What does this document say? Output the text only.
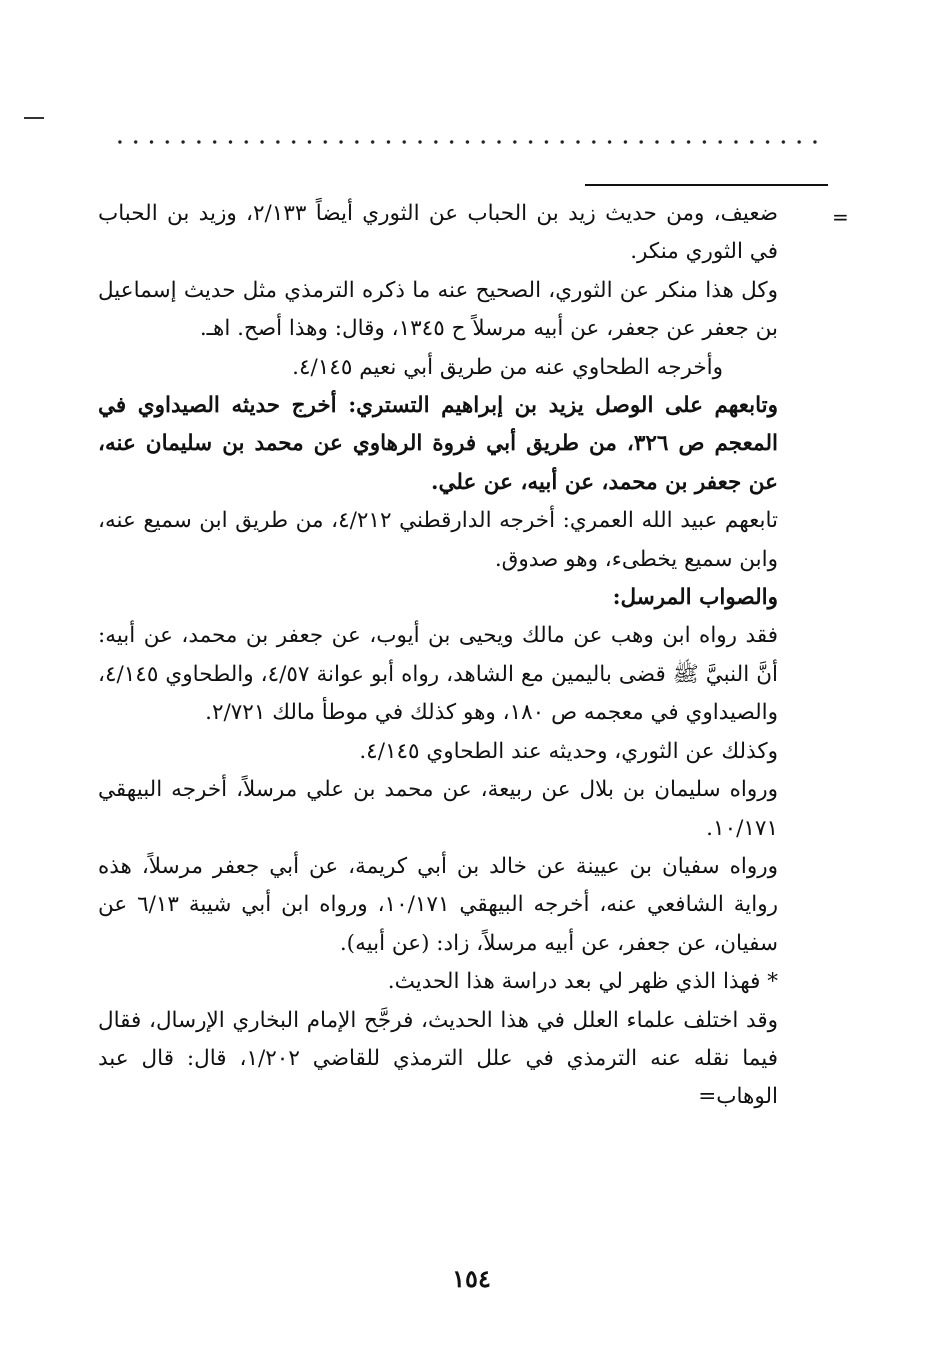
=

ضعيف، ومن حديث زيد بن الحباب عن الثوري أيضاً ٢/١٣٣، وزيد بن الحباب في الثوري منكر.

وكل هذا منكر عن الثوري، الصحيح عنه ما ذكره الترمذي مثل حديث إسماعيل بن جعفر عن جعفر، عن أبيه مرسلاً ح ١٣٤٥، وقال: وهذا أصح. اهـ.

وأخرجه الطحاوي عنه من طريق أبي نعيم ٤/١٤٥.

وتابعهم على الوصل يزيد بن إبراهيم التستري: أخرج حديثه الصيداوي في المعجم ص ٣٢٦، من طريق أبي فروة الرهاوي عن محمد بن سليمان عنه، عن جعفر بن محمد، عن أبيه، عن علي.

تابعهم عبيد الله العمري: أخرجه الدارقطني ٤/٢١٢، من طريق ابن سميع عنه، وابن سميع يخطىء، وهو صدوق.

والصواب المرسل:

فقد رواه ابن وهب عن مالك ويحيى بن أيوب، عن جعفر بن محمد، عن أبيه: أنَّ النبيَّ ﷺ قضى باليمين مع الشاهد، رواه أبو عوانة ٤/٥٧، والطحاوي ٤/١٤٥، والصيداوي في معجمه ص ١٨٠، وهو كذلك في موطأ مالك ٢/٧٢١.

وكذلك عن الثوري، وحديثه عند الطحاوي ٤/١٤٥.

ورواه سليمان بن بلال عن ربيعة، عن محمد بن علي مرسلاً، أخرجه البيهقي ١٠/١٧١.

ورواه سفيان بن عيينة عن خالد بن أبي كريمة، عن أبي جعفر مرسلاً، هذه رواية الشافعي عنه، أخرجه البيهقي ١٠/١٧١، ورواه ابن أبي شيبة ٦/١٣ عن سفيان، عن جعفر، عن أبيه مرسلاً، زاد: (عن أبيه).

* فهذا الذي ظهر لي بعد دراسة هذا الحديث.

وقد اختلف علماء العلل في هذا الحديث، فرجَّح الإمام البخاري الإرسال، فقال فيما نقله عنه الترمذي في علل الترمذي للقاضي ١/٢٠٢، قال: قال عبد الوهاب=

١٥٤
